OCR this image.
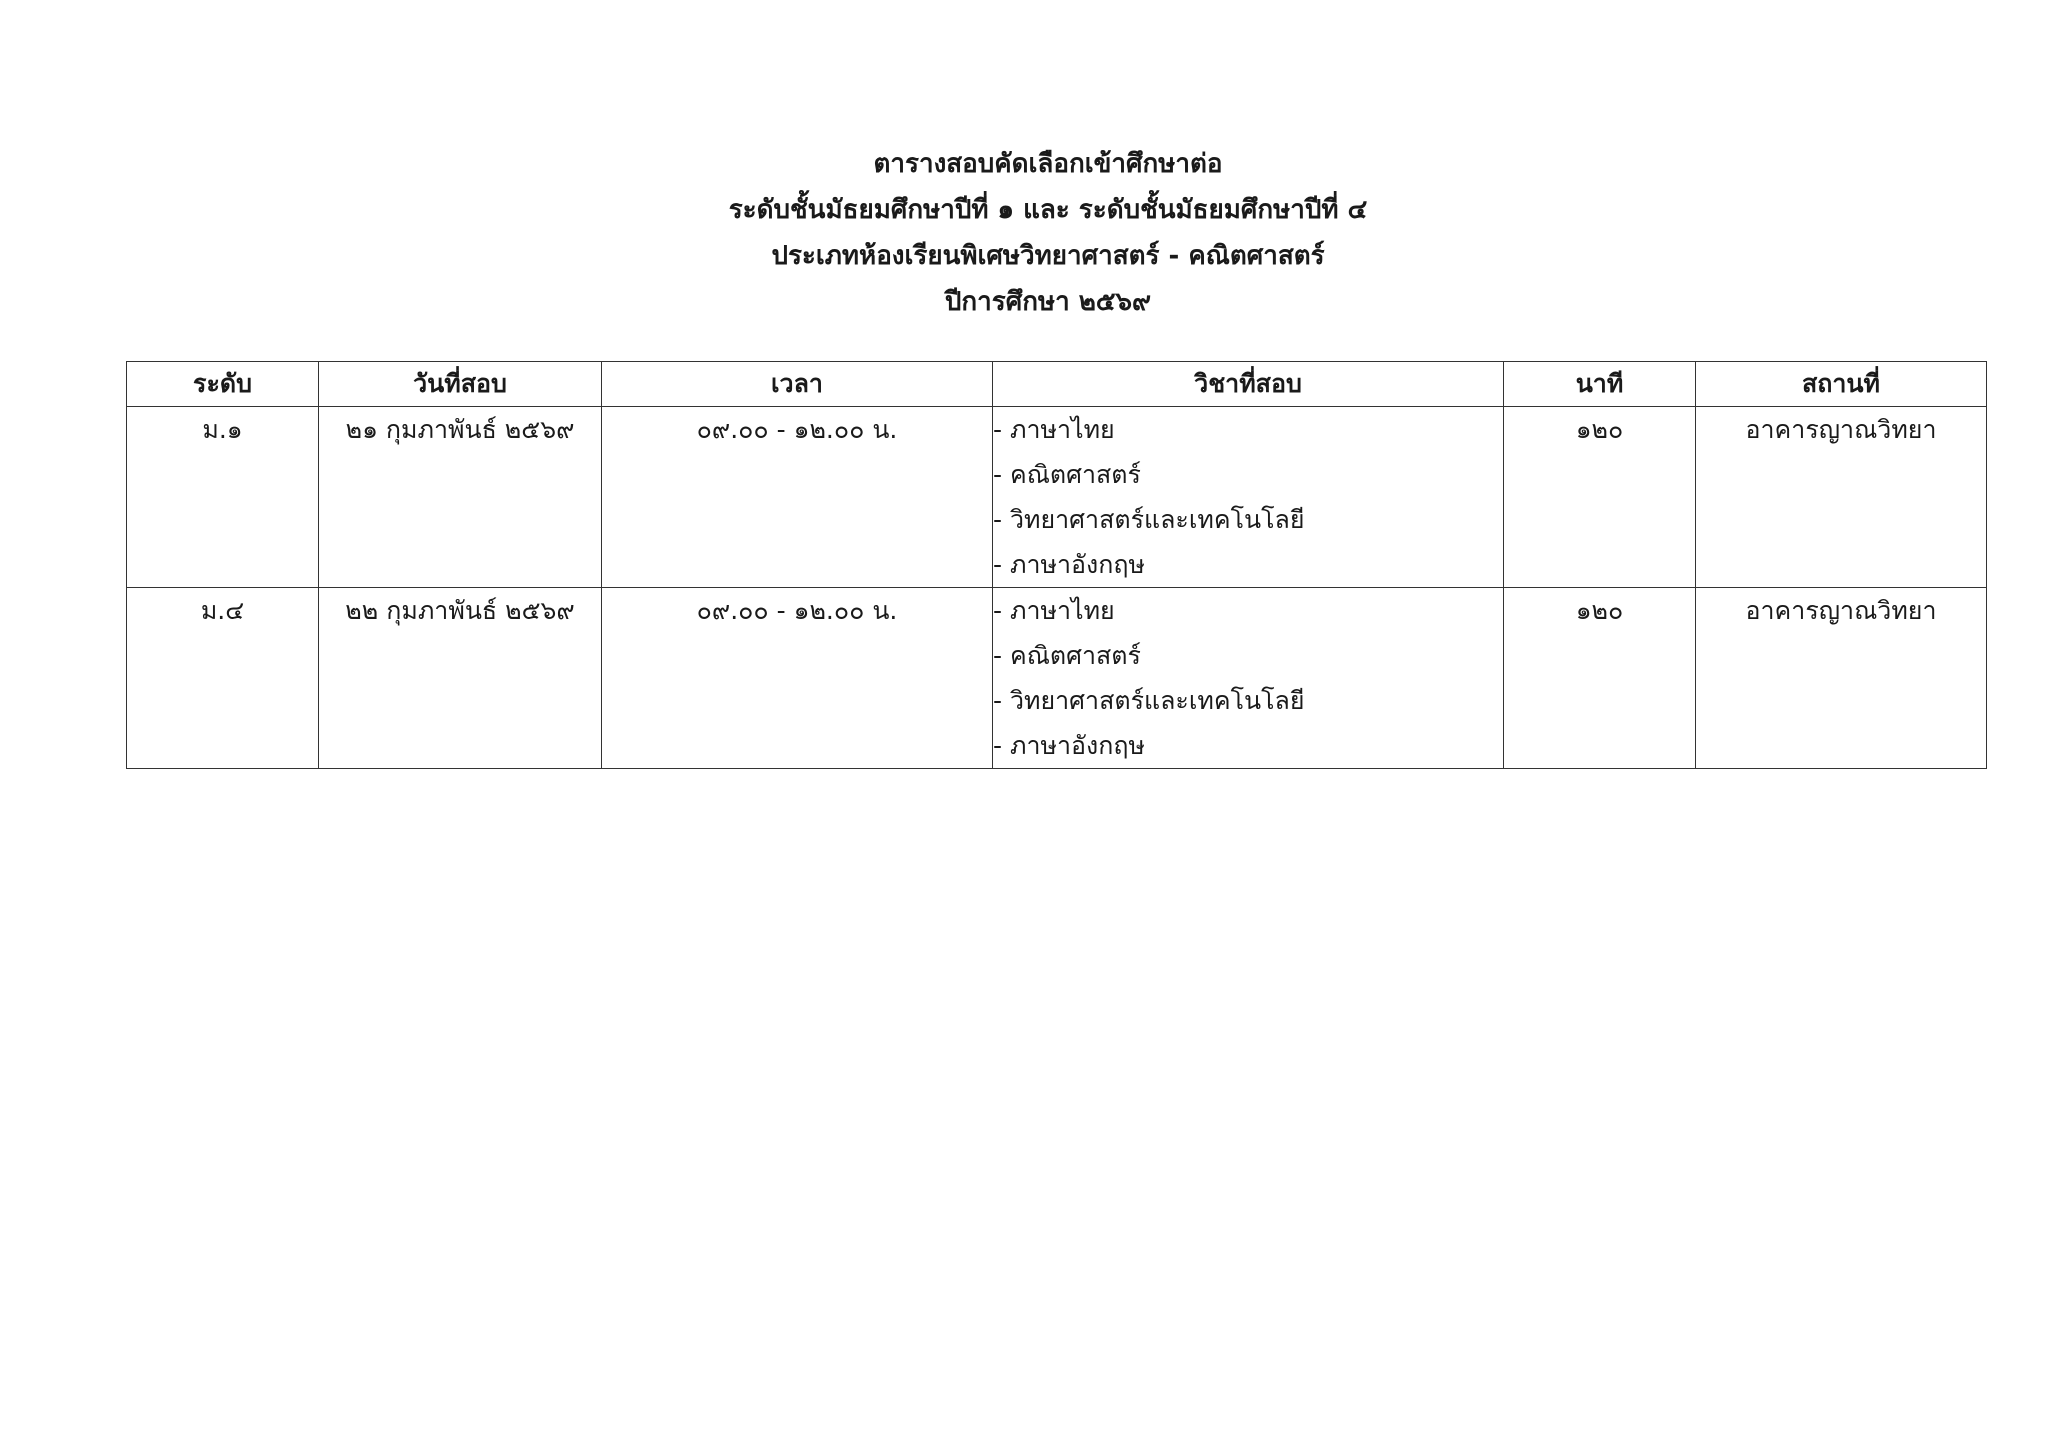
ตารางสอบคัดเลือกเข้าศึกษาต่อ
ระดับชั้นมัธยมศึกษาปีที่ ๑ และ ระดับชั้นมัธยมศึกษาปีที่ ๔
ประเภทห้องเรียนพิเศษวิทยาศาสตร์ - คณิตศาสตร์
ปีการศึกษา ๒๕๖๙
ระดับ	วันที่สอบ	เวลา	วิชาที่สอบ	นาที	สถานที่
ม.๑	๒๑ กุมภาพันธ์ ๒๕๖๙	๐๙.๐๐ - ๑๒.๐๐ น.	- ภาษาไทย
- คณิตศาสตร์
- วิทยาศาสตร์และเทคโนโลยี
- ภาษาอังกฤษ	๑๒๐	อาคารญาณวิทยา
ม.๔	๒๒ กุมภาพันธ์ ๒๕๖๙	๐๙.๐๐ - ๑๒.๐๐ น.	- ภาษาไทย
- คณิตศาสตร์
- วิทยาศาสตร์และเทคโนโลยี
- ภาษาอังกฤษ	๑๒๐	อาคารญาณวิทยา
